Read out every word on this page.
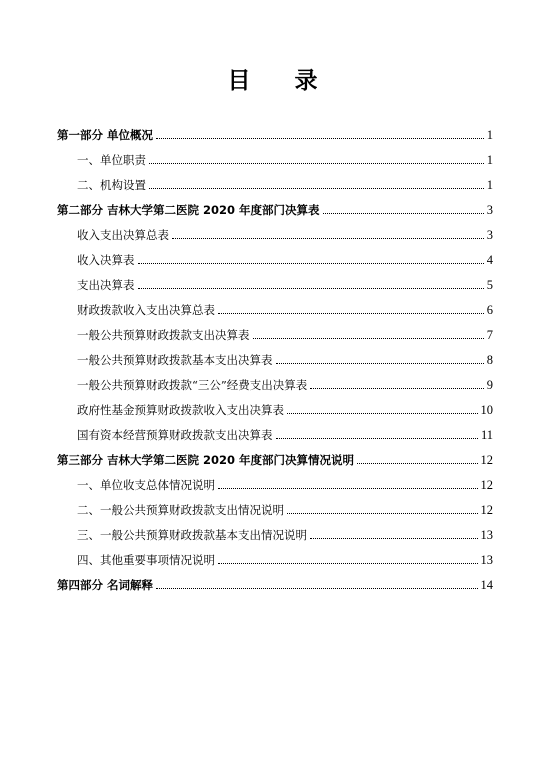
目 录
第一部分 单位概况	1
一、单位职责	1
二、机构设置	1
第二部分 吉林大学第二医院 2020 年度部门决算表	3
收入支出决算总表	3
收入决算表	4
支出决算表	5
财政拨款收入支出决算总表	6
一般公共预算财政拨款支出决算表	7
一般公共预算财政拨款基本支出决算表	8
一般公共预算财政拨款“三公”经费支出决算表	9
政府性基金预算财政拨款收入支出决算表	10
国有资本经营预算财政拨款支出决算表	11
第三部分 吉林大学第二医院 2020 年度部门决算情况说明	12
一、单位收支总体情况说明	12
二、一般公共预算财政拨款支出情况说明	12
三、一般公共预算财政拨款基本支出情况说明	13
四、其他重要事项情况说明	13
第四部分 名词解释	14
